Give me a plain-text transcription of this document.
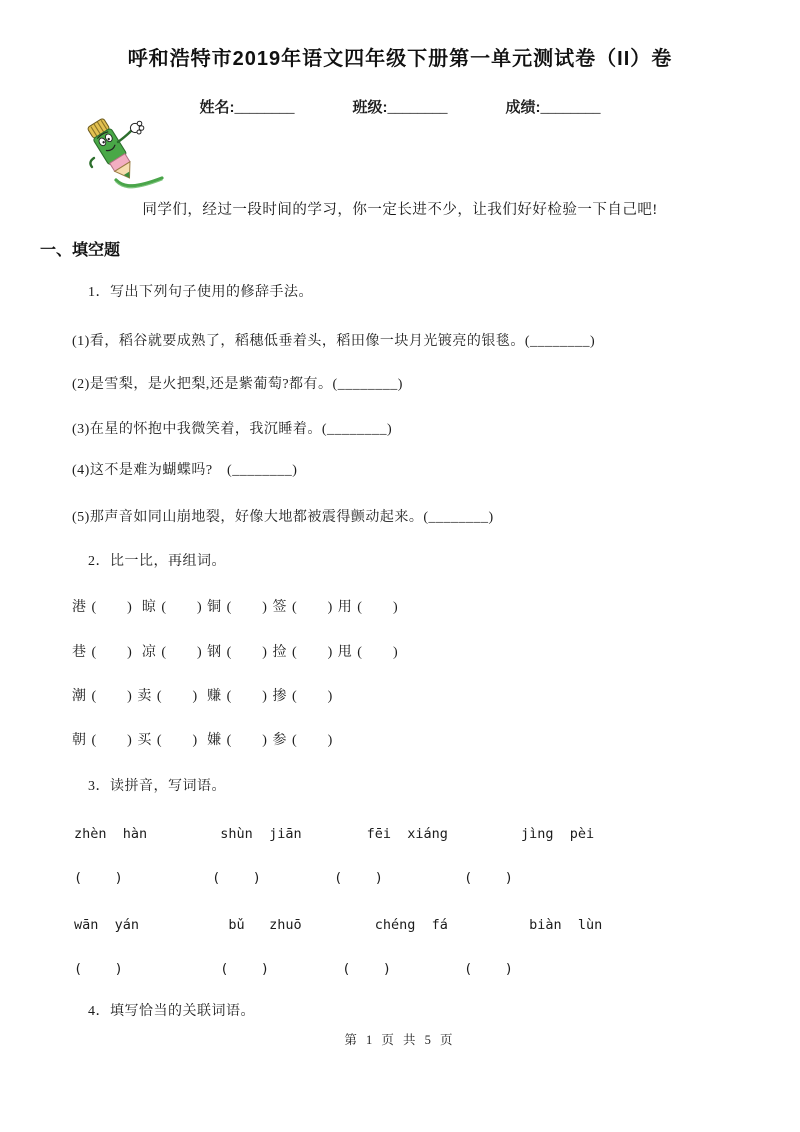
呼和浩特市2019年语文四年级下册第一单元测试卷（II）卷
姓名:________	班级:________	成绩:________
同学们，经过一段时间的学习，你一定长进不少，让我们好好检验一下自己吧!
一、填空题
1．写出下列句子使用的修辞手法。
(1)看，稻谷就要成熟了，稻穗低垂着头，稻田像一块月光镀亮的银毯。(________)
(2)是雪梨，是火把梨,还是紫葡萄?都有。(________)
(3)在星的怀抱中我微笑着，我沉睡着。(________)
(4)这不是难为蝴蝶吗?　(________)
(5)那声音如同山崩地裂，好像大地都被震得颤动起来。(________)
2．比一比，再组词。
港 (　　)  晾 (　　) 铜 (　　) 签 (　　) 用 (　　)
巷 (　　)  凉 (　　) 钢 (　　) 捡 (　　) 甩 (　　)
潮 (　　) 卖 (　　)  赚 (　　) 掺 (　　)
朝 (　　) 买 (　　)  嫌 (　　) 参 (　　)
3．读拼音，写词语。
zhèn  hàn         shùn  jiān        fēi  xiáng         jìng  pèi
(    )           (    )         (    )          (    )
wān  yán           bǔ   zhuō         chéng  fá          biàn  lùn
(    )            (    )         (    )         (    )
4．填写恰当的关联词语。
第 1 页 共 5 页
